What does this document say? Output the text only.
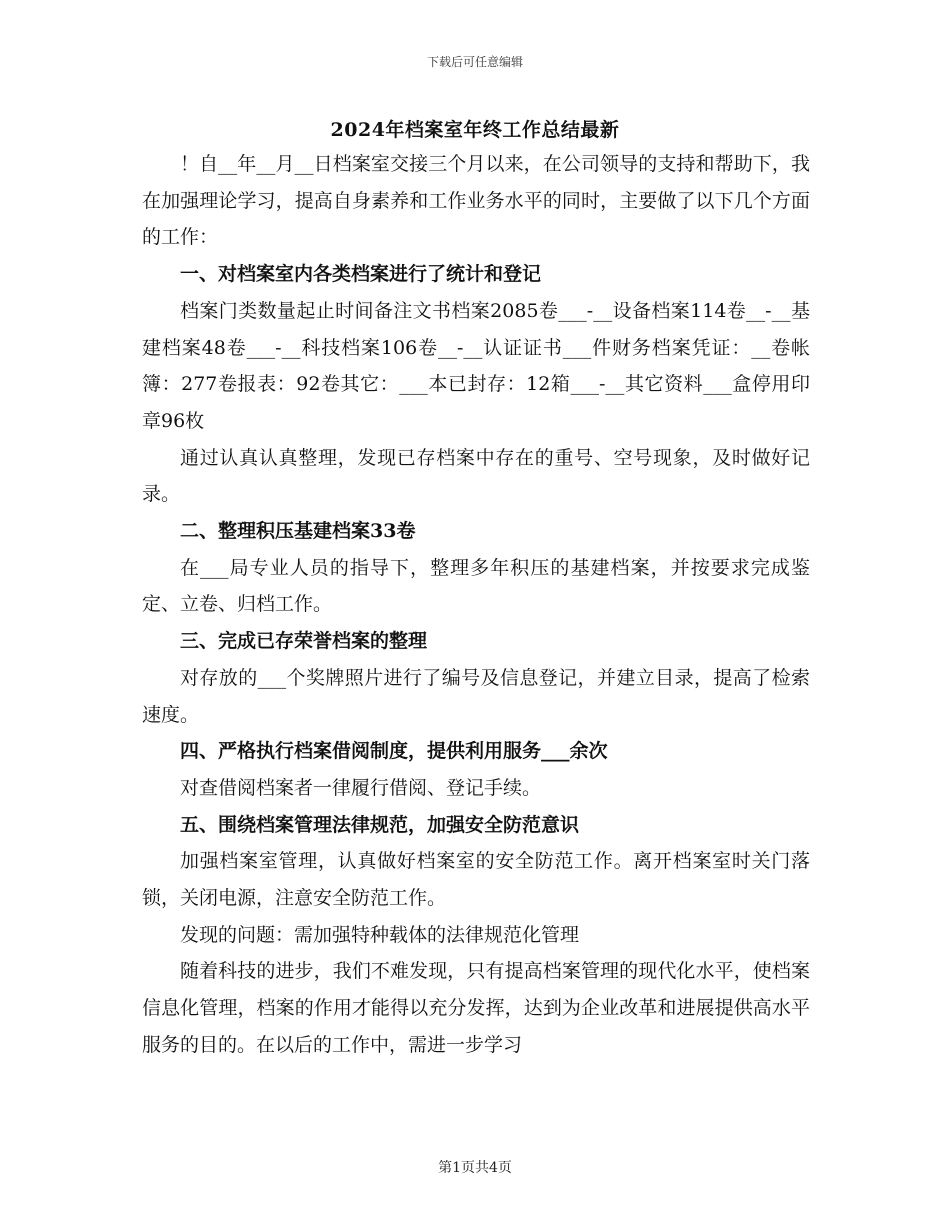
下载后可任意编辑
2024年档案室年终工作总结最新

！自__年__月__日档案室交接三个月以来，在公司领导的支持和帮助下，我在加强理论学习，提高自身素养和工作业务水平的同时，主要做了以下几个方面的工作：

一、对档案室内各类档案进行了统计和登记

档案门类数量起止时间备注文书档案2085卷___-__设备档案114卷__-__基建档案48卷___-__科技档案106卷__-__认证证书___件财务档案凭证：__卷帐簿：277卷报表：92卷其它：___本已封存：12箱___-__其它资料___盒停用印章96枚

通过认真认真整理，发现已存档案中存在的重号、空号现象，及时做好记录。

二、整理积压基建档案33卷

在___局专业人员的指导下，整理多年积压的基建档案，并按要求完成鉴定、立卷、归档工作。

三、完成已存荣誉档案的整理

对存放的___个奖牌照片进行了编号及信息登记，并建立目录，提高了检索速度。

四、严格执行档案借阅制度，提供利用服务___余次

对查借阅档案者一律履行借阅、登记手续。

五、围绕档案管理法律规范，加强安全防范意识

加强档案室管理，认真做好档案室的安全防范工作。离开档案室时关门落锁，关闭电源，注意安全防范工作。

发现的问题：需加强特种载体的法律规范化管理

随着科技的进步，我们不难发现，只有提高档案管理的现代化水平，使档案信息化管理，档案的作用才能得以充分发挥，达到为企业改革和进展提供高水平服务的目的。在以后的工作中，需进一步学习

第1页共4页
